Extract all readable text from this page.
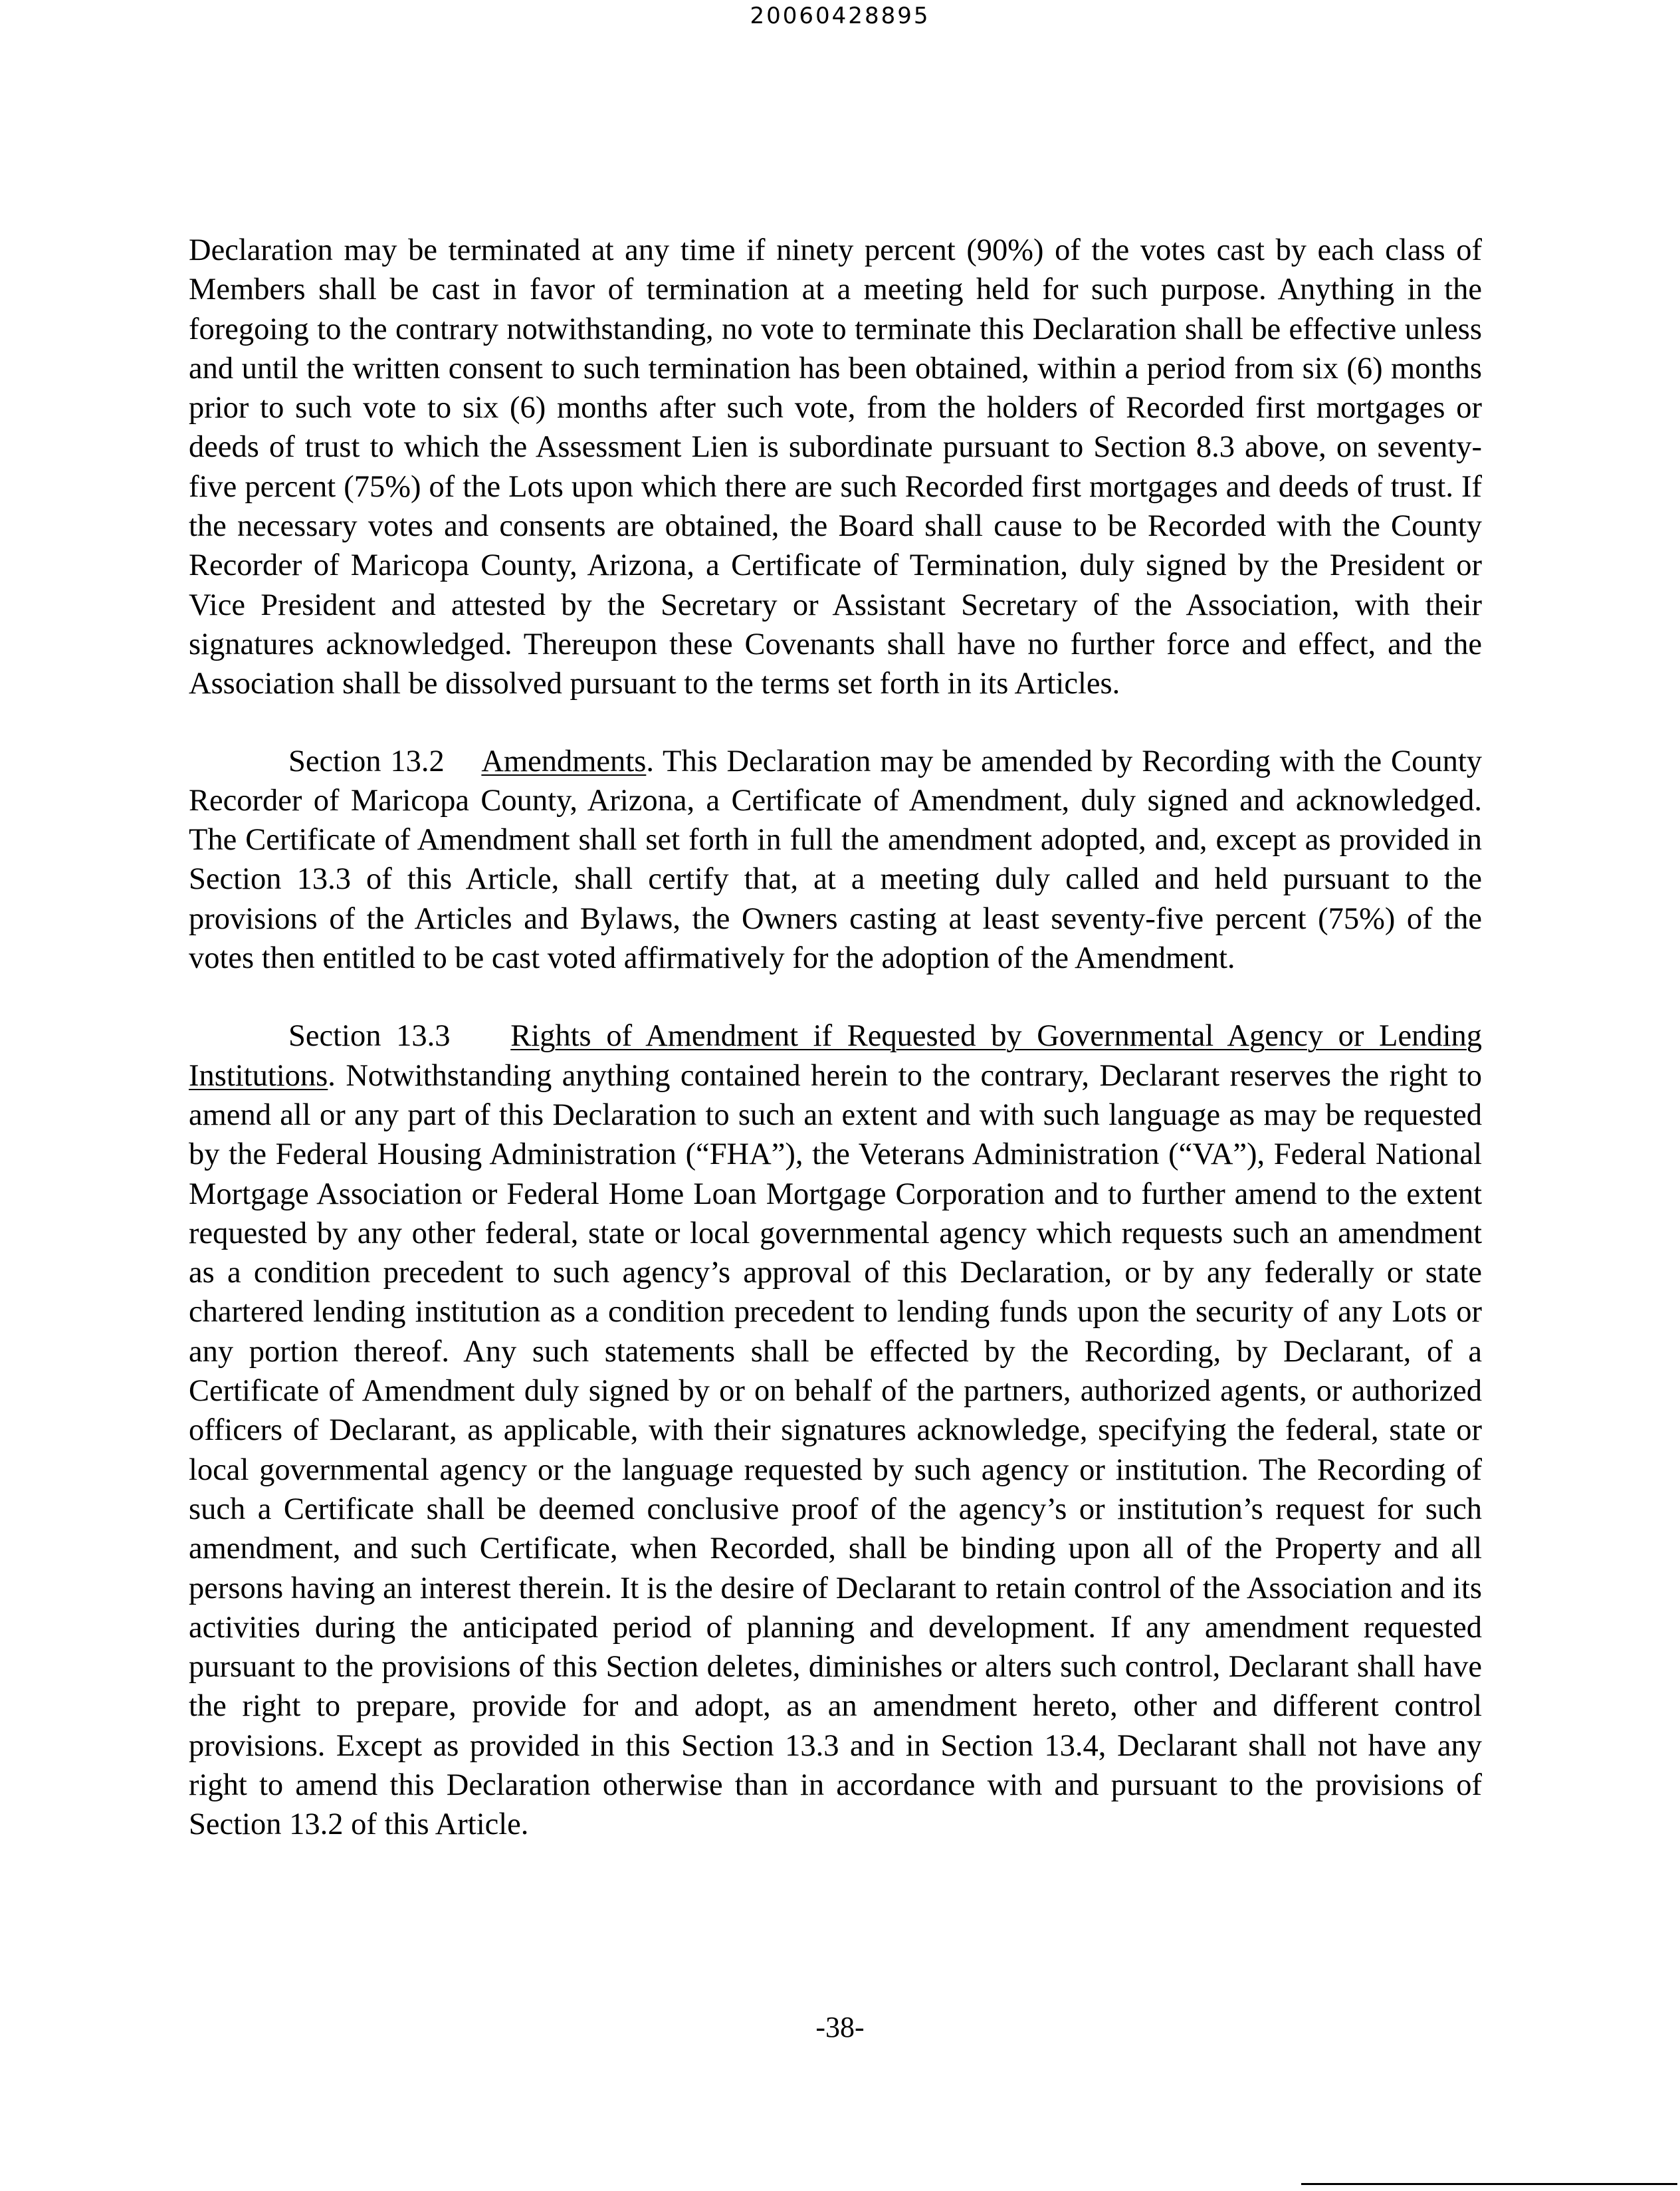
20060428895

Declaration may be terminated at any time if ninety percent (90%) of the votes cast by each class of Members shall be cast in favor of termination at a meeting held for such purpose. Anything in the foregoing to the contrary notwithstanding, no vote to terminate this Declaration shall be effective unless and until the written consent to such termination has been obtained, within a period from six (6) months prior to such vote to six (6) months after such vote, from the holders of Recorded first mortgages or deeds of trust to which the Assessment Lien is subordinate pursuant to Section 8.3 above, on seventy-five percent (75%) of the Lots upon which there are such Recorded first mortgages and deeds of trust. If the necessary votes and consents are obtained, the Board shall cause to be Recorded with the County Recorder of Maricopa County, Arizona, a Certificate of Termination, duly signed by the President or Vice President and attested by the Secretary or Assistant Secretary of the Association, with their signatures acknowledged. Thereupon these Covenants shall have no further force and effect, and the Association shall be dissolved pursuant to the terms set forth in its Articles.

Section 13.2 Amendments. This Declaration may be amended by Recording with the County Recorder of Maricopa County, Arizona, a Certificate of Amendment, duly signed and acknowledged. The Certificate of Amendment shall set forth in full the amendment adopted, and, except as provided in Section 13.3 of this Article, shall certify that, at a meeting duly called and held pursuant to the provisions of the Articles and Bylaws, the Owners casting at least seventy-five percent (75%) of the votes then entitled to be cast voted affirmatively for the adoption of the Amendment.

Section 13.3 Rights of Amendment if Requested by Governmental Agency or Lending Institutions. Notwithstanding anything contained herein to the contrary, Declarant reserves the right to amend all or any part of this Declaration to such an extent and with such language as may be requested by the Federal Housing Administration (“FHA”), the Veterans Administration (“VA”), Federal National Mortgage Association or Federal Home Loan Mortgage Corporation and to further amend to the extent requested by any other federal, state or local governmental agency which requests such an amendment as a condition precedent to such agency’s approval of this Declaration, or by any federally or state chartered lending institution as a condition precedent to lending funds upon the security of any Lots or any portion thereof. Any such statements shall be effected by the Recording, by Declarant, of a Certificate of Amendment duly signed by or on behalf of the partners, authorized agents, or authorized officers of Declarant, as applicable, with their signatures acknowledge, specifying the federal, state or local governmental agency or the language requested by such agency or institution. The Recording of such a Certificate shall be deemed conclusive proof of the agency’s or institution’s request for such amendment, and such Certificate, when Recorded, shall be binding upon all of the Property and all persons having an interest therein. It is the desire of Declarant to retain control of the Association and its activities during the anticipated period of planning and development. If any amendment requested pursuant to the provisions of this Section deletes, diminishes or alters such control, Declarant shall have the right to prepare, provide for and adopt, as an amendment hereto, other and different control provisions. Except as provided in this Section 13.3 and in Section 13.4, Declarant shall not have any right to amend this Declaration otherwise than in accordance with and pursuant to the provisions of Section 13.2 of this Article.

-38-
